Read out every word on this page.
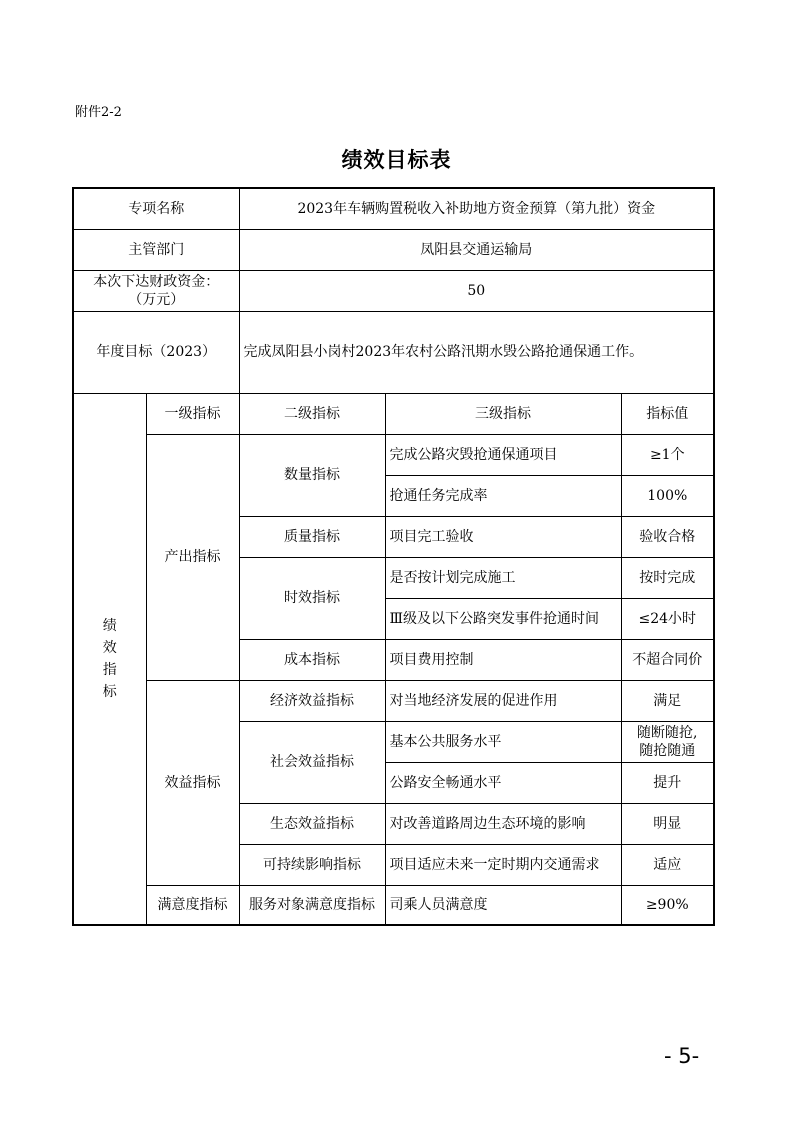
附件2-2
绩效目标表
专项名称		2023年车辆购置税收入补助地方资金预算（第九批）资金		
主管部门		凤阳县交通运输局		

本次下达财政资金：
（万元）		50		
年度目标（2023）		完成凤阳县小岗村2023年农村公路汛期水毁公路抢通保通工作。		

绩
效
指
标	一级指标	二级指标	三级指标	指标值
	产出指标	数量指标	完成公路灾毁抢通保通项目	≥1个
			抢通任务完成率	100%
		质量指标	项目完工验收	验收合格
		时效指标	是否按计划完成施工	按时完成
			Ⅲ级及以下公路突发事件抢通时间	≤24小时
		成本指标	项目费用控制	不超合同价
	效益指标	经济效益指标	对当地经济发展的促进作用	满足
		社会效益指标	基本公共服务水平	随断随抢,
随抢随通

			公路安全畅通水平	提升
		生态效益指标	对改善道路周边生态环境的影响	明显
		可持续影响指标	项目适应未来一定时期内交通需求	适应
	满意度指标	服务对象满意度指标	司乘人员满意度	≥90%
- 5-
